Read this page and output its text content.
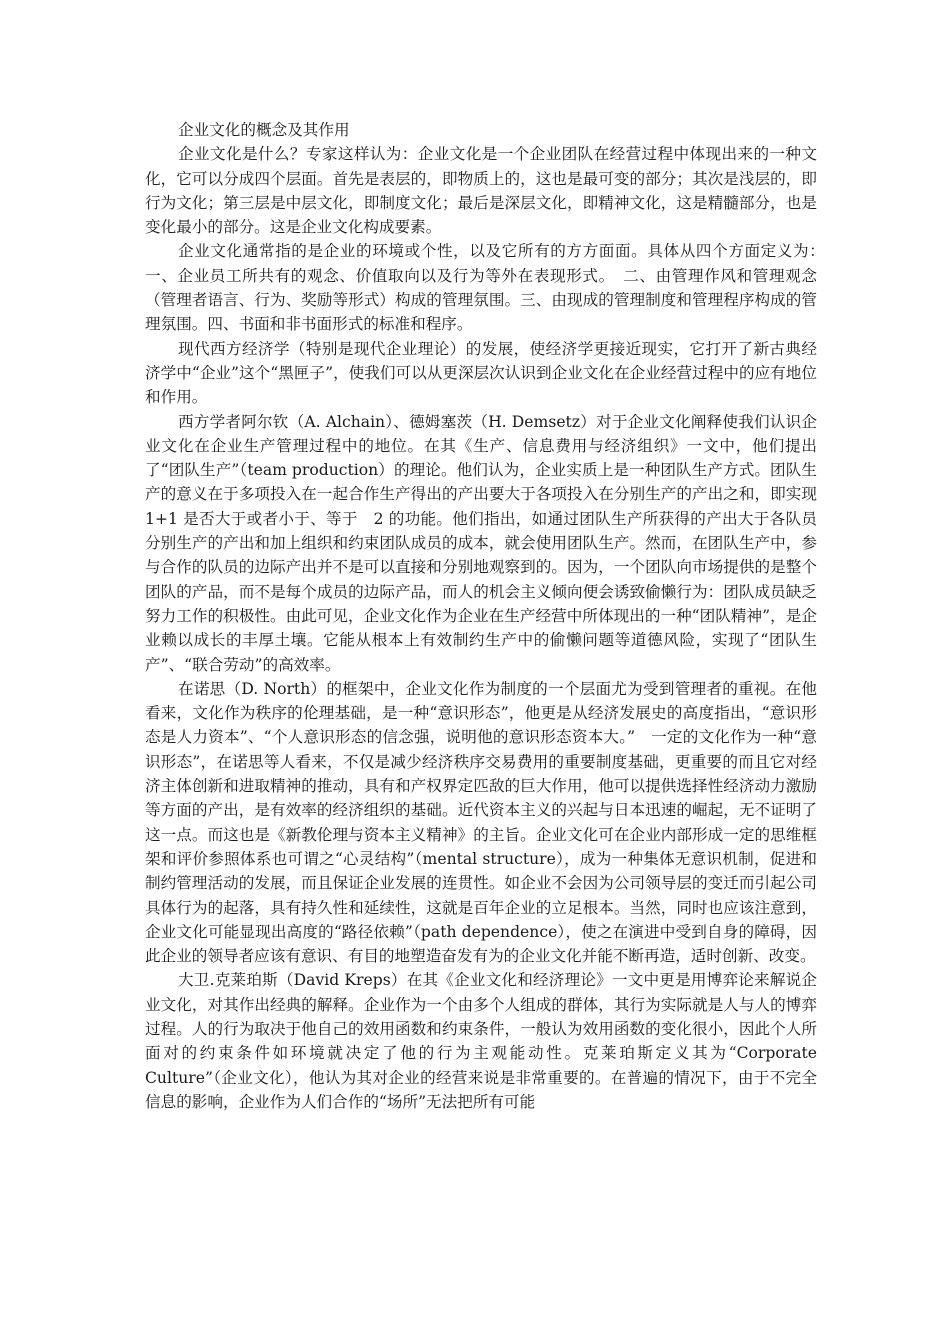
企业文化的概念及其作用

企业文化是什么？专家这样认为：企业文化是一个企业团队在经营过程中体现出来的一种文化，它可以分成四个层面。首先是表层的，即物质上的，这也是最可变的部分；其次是浅层的，即行为文化；第三层是中层文化，即制度文化；最后是深层文化，即精神文化，这是精髓部分，也是变化最小的部分。这是企业文化构成要素。

企业文化通常指的是企业的环境或个性，以及它所有的方方面面。具体从四个方面定义为：　一、企业员工所共有的观念、价值取向以及行为等外在表现形式。　二、由管理作风和管理观念（管理者语言、行为、奖励等形式）构成的管理氛围。三、由现成的管理制度和管理程序构成的管理氛围。四、书面和非书面形式的标准和程序。

现代西方经济学（特别是现代企业理论）的发展，使经济学更接近现实，它打开了新古典经济学中“企业”这个“黑匣子”，使我们可以从更深层次认识到企业文化在企业经营过程中的应有地位和作用。

西方学者阿尔钦（A. Alchain）、德姆塞茨（H. Demsetz）对于企业文化阐释使我们认识企业文化在企业生产管理过程中的地位。在其《生产、信息费用与经济组织》一文中，他们提出了“团队生产”（team production）的理论。他们认为，企业实质上是一种团队生产方式。团队生产的意义在于多项投入在一起合作生产得出的产出要大于各项投入在分别生产的产出之和，即实现 1+1 是否大于或者小于、等于　2 的功能。他们指出，如通过团队生产所获得的产出大于各队员分别生产的产出和加上组织和约束团队成员的成本，就会使用团队生产。然而，在团队生产中，参与合作的队员的边际产出并不是可以直接和分别地观察到的。因为，一个团队向市场提供的是整个团队的产品，而不是每个成员的边际产品，而人的机会主义倾向便会诱致偷懒行为：团队成员缺乏努力工作的积极性。由此可见，企业文化作为企业在生产经营中所体现出的一种“团队精神”，是企业赖以成长的丰厚土壤。它能从根本上有效制约生产中的偷懒问题等道德风险，实现了“团队生产”、“联合劳动”的高效率。

在诺思（D. North）的框架中，企业文化作为制度的一个层面尤为受到管理者的重视。在他看来，文化作为秩序的伦理基础，是一种“意识形态”，他更是从经济发展史的高度指出，“意识形态是人力资本”、“个人意识形态的信念强，说明他的意识形态资本大。”　一定的文化作为一种“意识形态”，在诺思等人看来，不仅是减少经济秩序交易费用的重要制度基础，更重要的而且它对经济主体创新和进取精神的推动，具有和产权界定匹敌的巨大作用，他可以提供选择性经济动力激励等方面的产出，是有效率的经济组织的基础。近代资本主义的兴起与日本迅速的崛起，无不证明了这一点。而这也是《新教伦理与资本主义精神》的主旨。企业文化可在企业内部形成一定的思维框架和评价参照体系也可谓之“心灵结构”（mental structure），成为一种集体无意识机制，促进和制约管理活动的发展，而且保证企业发展的连贯性。如企业不会因为公司领导层的变迁而引起公司具体行为的起落，具有持久性和延续性，这就是百年企业的立足根本。当然，同时也应该注意到，企业文化可能显现出高度的“路径依赖”（path dependence），使之在演进中受到自身的障碍，因此企业的领导者应该有意识、有目的地塑造奋发有为的企业文化并能不断再造，适时创新、改变。

大卫.克莱珀斯（David Kreps）在其《企业文化和经济理论》一文中更是用博弈论来解说企业文化，对其作出经典的解释。企业作为一个由多个人组成的群体，其行为实际就是人与人的博弈过程。人的行为取决于他自己的效用函数和约束条件，一般认为效用函数的变化很小，因此个人所面对的约束条件如环境就决定了他的行为主观能动性。克莱珀斯定义其为“Corporate Culture”（企业文化），他认为其对企业的经营来说是非常重要的。在普遍的情况下，由于不完全信息的影响，企业作为人们合作的“场所”无法把所有可能
